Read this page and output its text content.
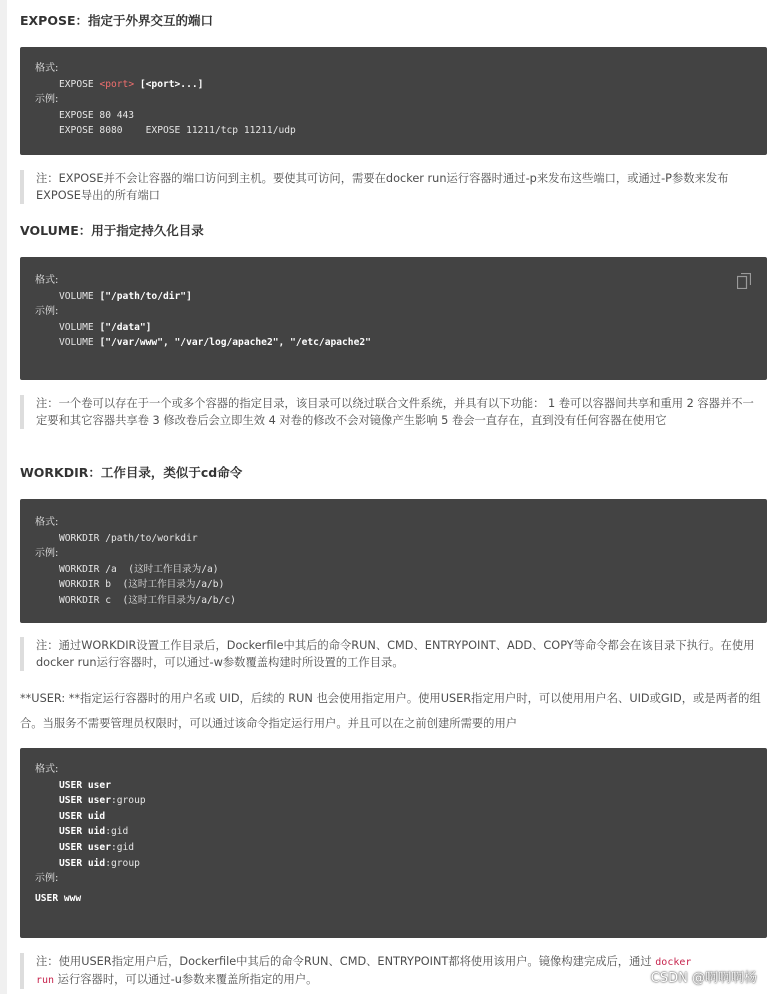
EXPOSE：指定于外界交互的端口
格式:
EXPOSE <port> [<port>...]
示例:
EXPOSE 80 443
EXPOSE 8080    EXPOSE 11211/tcp 11211/udp
注：EXPOSE并不会让容器的端口访问到主机。要使其可访问，需要在docker run运行容器时通过-p来发布这些端口，或通过-P参数来发布EXPOSE导出的所有端口
VOLUME：用于指定持久化目录
格式:
VOLUME ["/path/to/dir"]
示例:
VOLUME ["/data"]
VOLUME ["/var/www", "/var/log/apache2", "/etc/apache2"
注：一个卷可以存在于一个或多个容器的指定目录，该目录可以绕过联合文件系统，并具有以下功能： 1 卷可以容器间共享和重用 2 容器并不一定要和其它容器共享卷 3 修改卷后会立即生效 4 对卷的修改不会对镜像产生影响 5 卷会一直存在，直到没有任何容器在使用它
WORKDIR：工作目录，类似于cd命令
格式:
WORKDIR /path/to/workdir
示例:
WORKDIR /a  (这时工作目录为/a)
WORKDIR b  (这时工作目录为/a/b)
WORKDIR c  (这时工作目录为/a/b/c)
注：通过WORKDIR设置工作目录后，Dockerfile中其后的命令RUN、CMD、ENTRYPOINT、ADD、COPY等命令都会在该目录下执行。在使用docker run运行容器时，可以通过-w参数覆盖构建时所设置的工作目录。
**USER: **指定运行容器时的用户名或 UID，后续的 RUN 也会使用指定用户。使用USER指定用户时，可以使用用户名、UID或GID，或是两者的组合。当服务不需要管理员权限时，可以通过该命令指定运行用户。并且可以在之前创建所需要的用户
格式:
USER user
USER user:group
USER uid
USER uid:gid
USER user:gid
USER uid:group
示例:
USER www
注：使用USER指定用户后，Dockerfile中其后的命令RUN、CMD、ENTRYPOINT都将使用该用户。镜像构建完成后，通过 docker
run 运行容器时，可以通过-u参数来覆盖所指定的用户。	CSDN @啊啊啊杨
